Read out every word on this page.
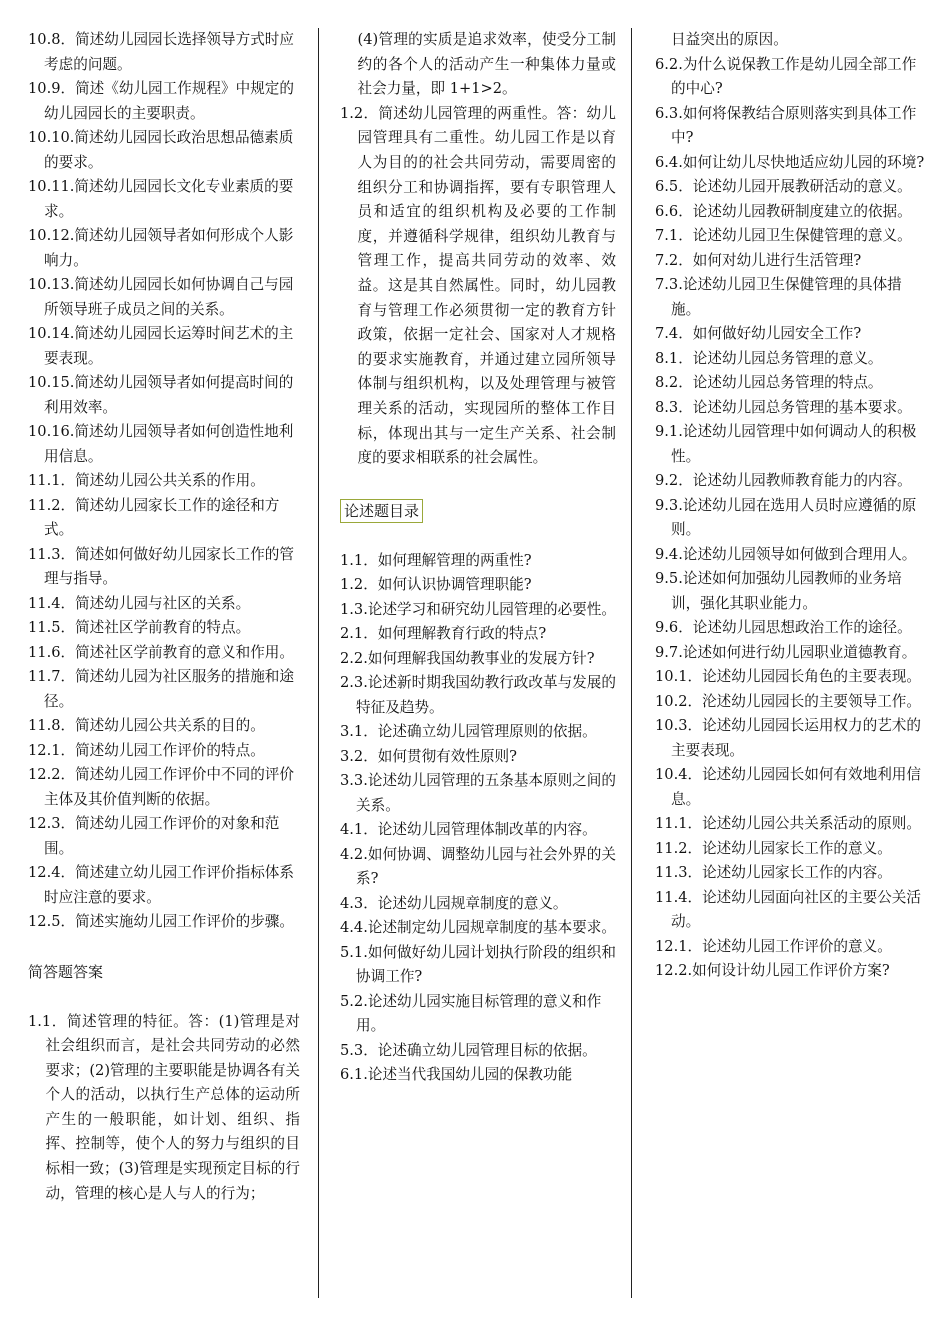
10.8．简述幼儿园园长选择领导方式时应考虑的问题。

10.9．简述《幼儿园工作规程》中规定的幼儿园园长的主要职责。

10.10.简述幼儿园园长政治思想品德素质的要求。

10.11.简述幼儿园园长文化专业素质的要求。

10.12.简述幼儿园领导者如何形成个人影响力。

10.13.简述幼儿园园长如何协调自己与园所领导班子成员之间的关系。

10.14.简述幼儿园园长运筹时间艺术的主要表现。

10.15.简述幼儿园领导者如何提高时间的利用效率。

10.16.简述幼儿园领导者如何创造性地利用信息。

11.1．简述幼儿园公共关系的作用。

11.2．简述幼儿园家长工作的途径和方式。

11.3．简述如何做好幼儿园家长工作的管理与指导。

11.4．简述幼儿园与社区的关系。

11.5．简述社区学前教育的特点。

11.6．简述社区学前教育的意义和作用。

11.7．简述幼儿园为社区服务的措施和途径。

11.8．简述幼儿园公共关系的目的。

12.1．简述幼儿园工作评价的特点。

12.2．简述幼儿园工作评价中不同的评价主体及其价值判断的依据。

12.3．简述幼儿园工作评价的对象和范围。

12.4．简述建立幼儿园工作评价指标体系时应注意的要求。

12.5．简述实施幼儿园工作评价的步骤。

简答题答案

1.1．简述管理的特征。答：(1)管理是对社会组织而言，是社会共同劳动的必然要求；(2)管理的主要职能是协调各有关个人的活动，以执行生产总体的运动所产生的一般职能，如计划、组织、指挥、控制等，使个人的努力与组织的目标相一致；(3)管理是实现预定目标的行动，管理的核心是人与人的行为；

(4)管理的实质是追求效率，使受分工制约的各个人的活动产生一种集体力量或社会力量，即 1+1>2。

1.2．简述幼儿园管理的两重性。答：幼儿园管理具有二重性。幼儿园工作是以育人为目的的社会共同劳动，需要周密的组织分工和协调指挥，要有专职管理人员和适宜的组织机构及必要的工作制度，并遵循科学规律，组织幼儿教育与管理工作，提高共同劳动的效率、效益。这是其自然属性。同时，幼儿园教育与管理工作必须贯彻一定的教育方针政策，依据一定社会、国家对人才规格的要求实施教育，并通过建立园所领导体制与组织机构，以及处理管理与被管理关系的活动，实现园所的整体工作目标，体现出其与一定生产关系、社会制度的要求相联系的社会属性。

论述题目录

1.1．如何理解管理的两重性?

1.2．如何认识协调管理职能?

1.3.论述学习和研究幼儿园管理的必要性。

2.1．如何理解教育行政的特点?

2.2.如何理解我国幼教事业的发展方针?

2.3.论述新时期我国幼教行政改革与发展的特征及趋势。

3.1．论述确立幼儿园管理原则的依据。

3.2．如何贯彻有效性原则?

3.3.论述幼儿园管理的五条基本原则之间的关系。

4.1．论述幼儿园管理体制改革的内容。

4.2.如何协调、调整幼儿园与社会外界的关系?

4.3．论述幼儿园规章制度的意义。

4.4.论述制定幼儿园规章制度的基本要求。

5.1.如何做好幼儿园计划执行阶段的组织和协调工作?

5.2.论述幼儿园实施目标管理的意义和作用。

5.3．论述确立幼儿园管理目标的依据。

6.1.论述当代我国幼儿园的保教功能

日益突出的原因。

6.2.为什么说保教工作是幼儿园全部工作的中心?

6.3.如何将保教结合原则落实到具体工作中?

6.4.如何让幼儿尽快地适应幼儿园的环境?

6.5．论述幼儿园开展教研活动的意义。

6.6．论述幼儿园教研制度建立的依据。

7.1．论述幼儿园卫生保健管理的意义。

7.2．如何对幼儿进行生活管理?

7.3.论述幼儿园卫生保健管理的具体措施。

7.4．如何做好幼儿园安全工作?

8.1．论述幼儿园总务管理的意义。

8.2．论述幼儿园总务管理的特点。

8.3．论述幼儿园总务管理的基本要求。

9.1.论述幼儿园管理中如何调动人的积极性。

9.2．论述幼儿园教师教育能力的内容。

9.3.论述幼儿园在选用人员时应遵循的原则。

9.4.论述幼儿园领导如何做到合理用人。

9.5.论述如何加强幼儿园教师的业务培训，强化其职业能力。

9.6．论述幼儿园思想政治工作的途径。

9.7.论述如何进行幼儿园职业道德教育。

10.1．论述幼儿园园长角色的主要表现。

10.2．沦述幼儿园园长的主要领导工作。

10.3．论述幼儿园园长运用权力的艺术的主要表现。

10.4．论述幼儿园园长如何有效地利用信息。

11.1．论述幼儿园公共关系活动的原则。

11.2．论述幼儿园家长工作的意义。

11.3．论述幼儿园家长工作的内容。

11.4．论述幼儿园面向社区的主要公关活动。

12.1．论述幼儿园工作评价的意义。

12.2.如何设计幼儿园工作评价方案?
